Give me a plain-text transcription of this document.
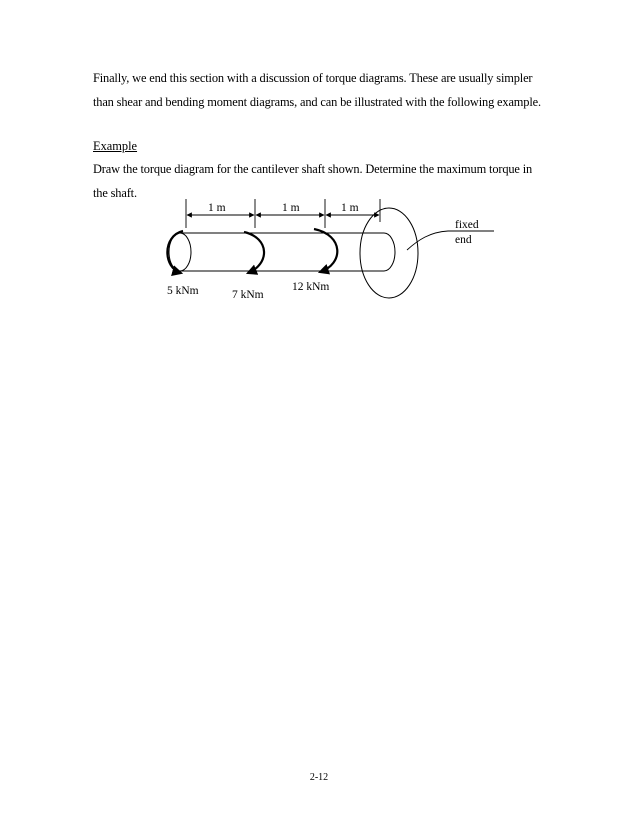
Finally, we end this section with a discussion of torque diagrams. These are usually simpler
than shear and bending moment diagrams, and can be illustrated with the following example.

Example

Draw the torque diagram for the cantilever shaft shown. Determine the maximum torque in
the shaft.
1 m	1 m	1 m
fixed
end
5 kNm	7 kNm
12 kNm
2-12
